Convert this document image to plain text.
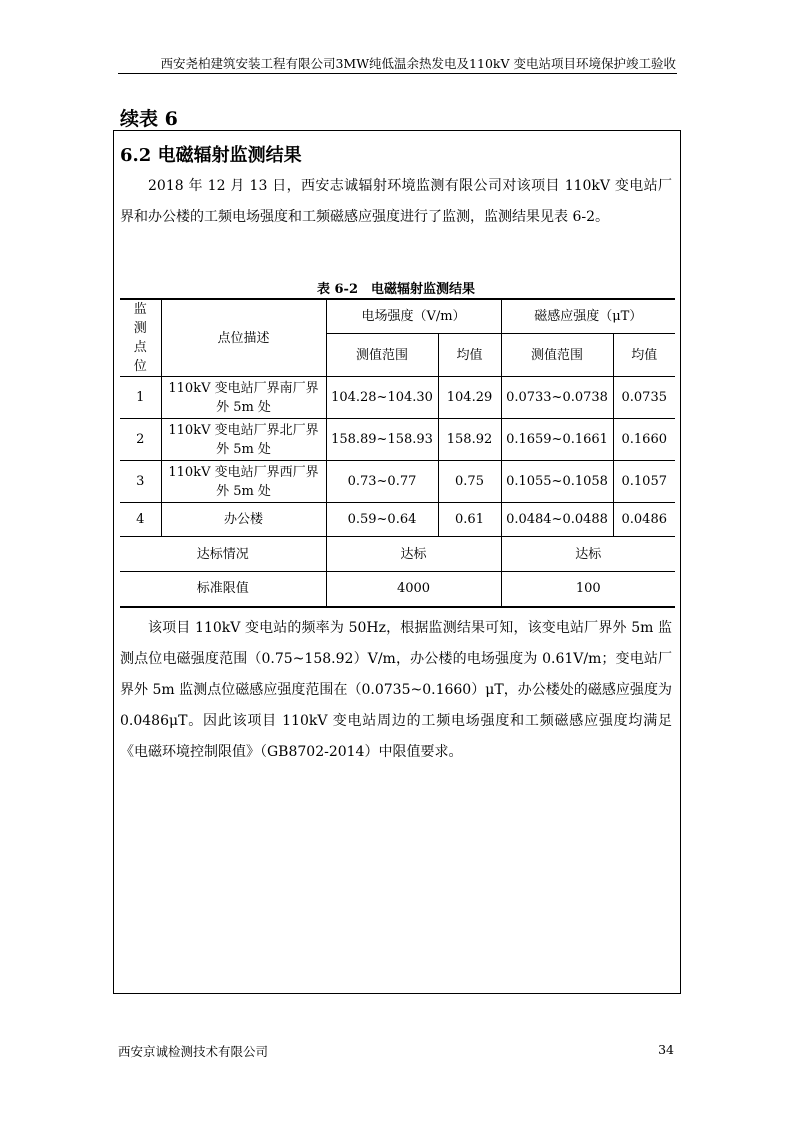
西安尧柏建筑安装工程有限公司3MW纯低温余热发电及110kV 变电站项目环境保护竣工验收
续表 6
6.2 电磁辐射监测结果
2018 年 12 月 13 日，西安志诚辐射环境监测有限公司对该项目 110kV 变电站厂界和办公楼的工频电场强度和工频磁感应强度进行了监测，监测结果见表 6-2。
表 6-2　电磁辐射监测结果
监测点位	点位描述	电场强度（V/m）		磁感应强度（μT）	
		测值范围	均值	测值范围	均值
1	110kV 变电站厂界南厂界外 5m 处	104.28~104.30	104.29	0.0733~0.0738	0.0735
2	110kV 变电站厂界北厂界外 5m 处	158.89~158.93	158.92	0.1659~0.1661	0.1660
3	110kV 变电站厂界西厂界外 5m 处	0.73~0.77	0.75	0.1055~0.1058	0.1057
4	办公楼	0.59~0.64	0.61	0.0484~0.0488	0.0486
达标情况		达标		达标	
标准限值		4000		100	
该项目 110kV 变电站的频率为 50Hz，根据监测结果可知，该变电站厂界外 5m 监测点位电磁强度范围（0.75~158.92）V/m，办公楼的电场强度为 0.61V/m；变电站厂界外 5m 监测点位磁感应强度范围在（0.0735~0.1660）μT，办公楼处的磁感应强度为 0.0486μT。因此该项目 110kV 变电站周边的工频电场强度和工频磁感应强度均满足《电磁环境控制限值》（GB8702-2014）中限值要求。
西安京诚检测技术有限公司	34
